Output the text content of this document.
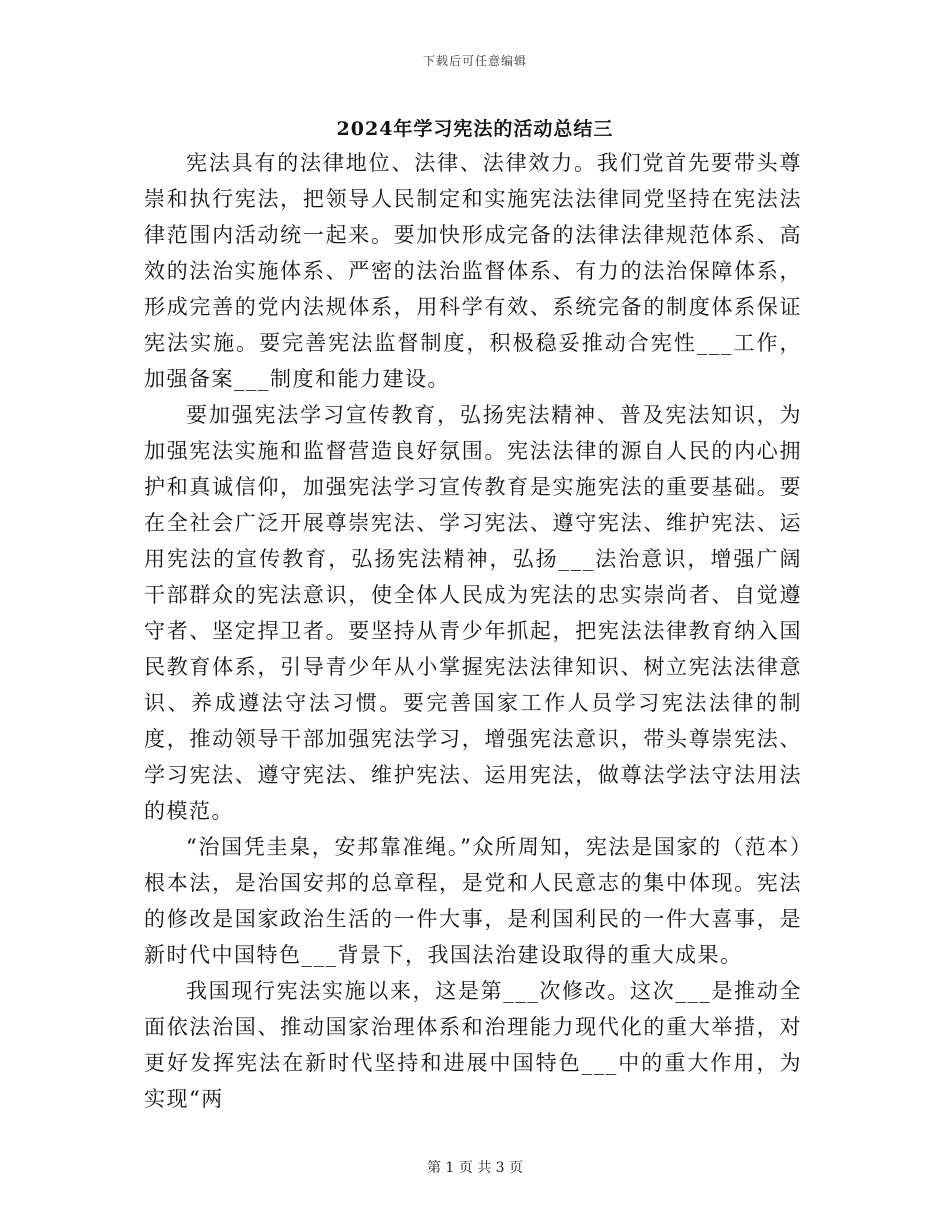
下载后可任意编辑
2024年学习宪法的活动总结三

宪法具有的法律地位、法律、法律效力。我们党首先要带头尊崇和执行宪法，把领导人民制定和实施宪法法律同党坚持在宪法法律范围内活动统一起来。要加快形成完备的法律法律规范体系、高效的法治实施体系、严密的法治监督体系、有力的法治保障体系，形成完善的党内法规体系，用科学有效、系统完备的制度体系保证宪法实施。要完善宪法监督制度，积极稳妥推动合宪性___工作，加强备案___制度和能力建设。

要加强宪法学习宣传教育，弘扬宪法精神、普及宪法知识，为加强宪法实施和监督营造良好氛围。宪法法律的源自人民的内心拥护和真诚信仰，加强宪法学习宣传教育是实施宪法的重要基础。要在全社会广泛开展尊崇宪法、学习宪法、遵守宪法、维护宪法、运用宪法的宣传教育，弘扬宪法精神，弘扬___法治意识，增强广阔干部群众的宪法意识，使全体人民成为宪法的忠实崇尚者、自觉遵守者、坚定捍卫者。要坚持从青少年抓起，把宪法法律教育纳入国民教育体系，引导青少年从小掌握宪法法律知识、树立宪法法律意识、养成遵法守法习惯。要完善国家工作人员学习宪法法律的制度，推动领导干部加强宪法学习，增强宪法意识，带头尊崇宪法、学习宪法、遵守宪法、维护宪法、运用宪法，做尊法学法守法用法的模范。

“治国凭圭臬，安邦靠准绳。”众所周知，宪法是国家的（范本）根本法，是治国安邦的总章程，是党和人民意志的集中体现。宪法的修改是国家政治生活的一件大事，是利国利民的一件大喜事，是新时代中国特色___背景下，我国法治建设取得的重大成果。

我国现行宪法实施以来，这是第___次修改。这次___是推动全面依法治国、推动国家治理体系和治理能力现代化的重大举措，对更好发挥宪法在新时代坚持和进展中国特色___中的重大作用，为实现“两

第 1 页 共 3 页
